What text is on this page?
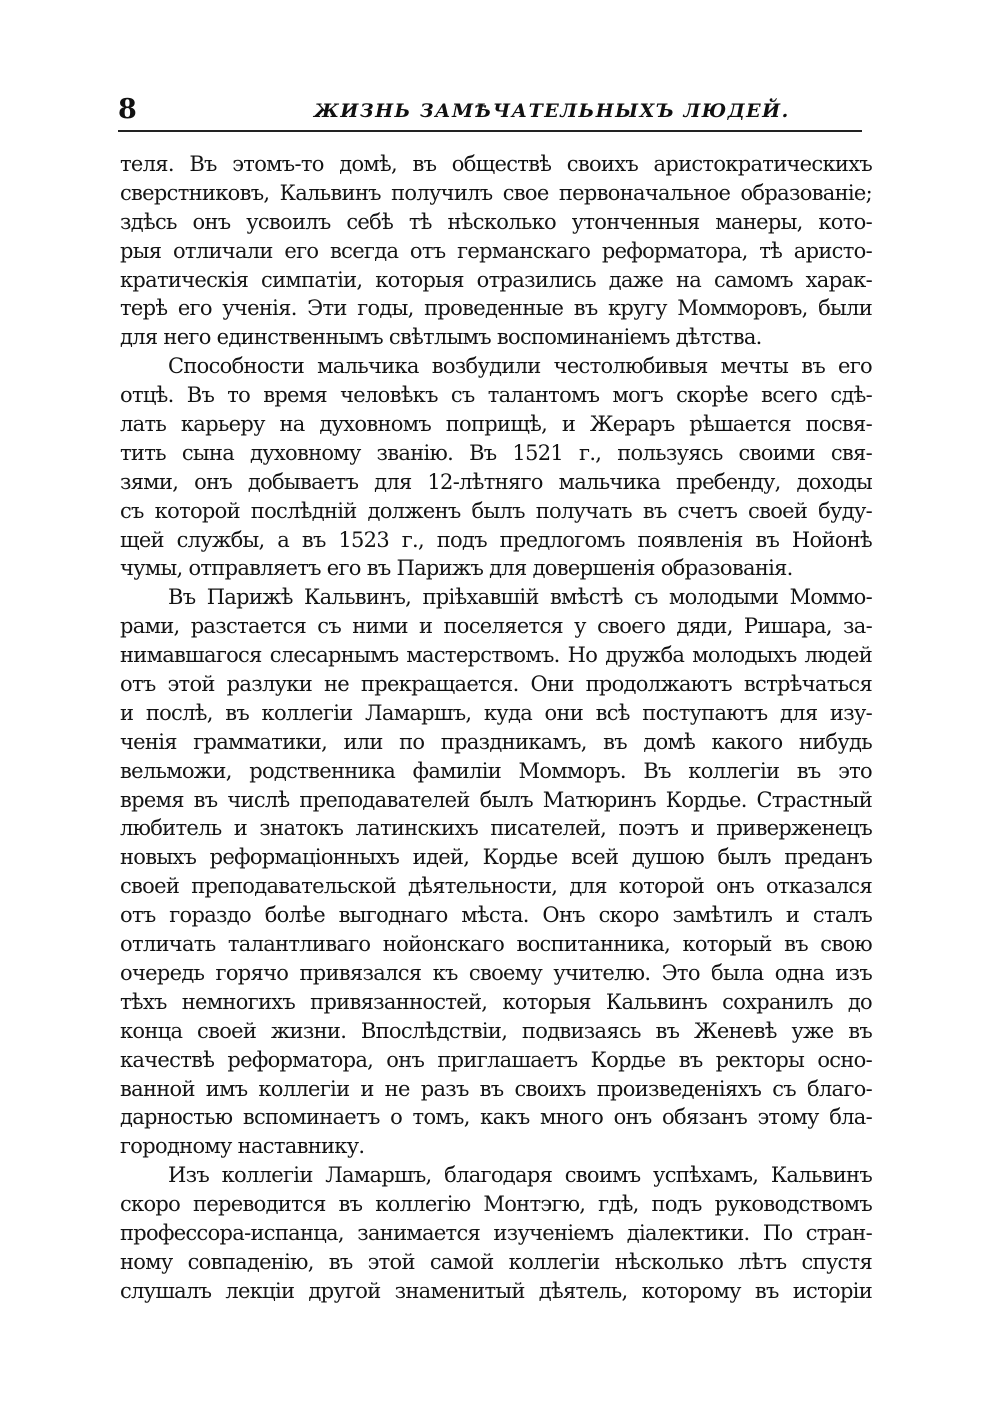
8	ЖИЗНЬ ЗАМѢЧАТЕЛЬНЫХЪ ЛЮДЕЙ.
теля. Въ этомъ-то домѣ, въ обществѣ своихъ аристократическихъ
сверстниковъ, Кальвинъ получилъ свое первоначальное образованіе;
здѣсь онъ усвоилъ себѣ тѣ нѣсколько утонченныя манеры, кото-
рыя отличали его всегда отъ германскаго реформатора, тѣ аристо-
кратическія симпатіи, которыя отразились даже на самомъ харак-
терѣ его ученія. Эти годы, проведенные въ кругу Момморовъ, были
для него единственнымъ свѣтлымъ воспоминаніемъ дѣтства.
Способности мальчика возбудили честолюбивыя мечты въ его
отцѣ. Въ то время человѣкъ съ талантомъ могъ скорѣе всего сдѣ-
лать карьеру на духовномъ поприщѣ, и Жераръ рѣшается посвя-
тить сына духовному званію. Въ 1521 г., пользуясь своими свя-
зями, онъ добываетъ для 12-лѣтняго мальчика пребенду, доходы
съ которой послѣдній долженъ былъ получать въ счетъ своей буду-
щей службы, а въ 1523 г., подъ предлогомъ появленія въ Нойонѣ
чумы, отправляетъ его въ Парижъ для довершенія образованія.
Въ Парижѣ Кальвинъ, пріѣхавшій вмѣстѣ съ молодыми Моммо-
рами, разстается съ ними и поселяется у своего дяди, Ришара, за-
нимавшагося слесарнымъ мастерствомъ. Но дружба молодыхъ людей
отъ этой разлуки не прекращается. Они продолжаютъ встрѣчаться
и послѣ, въ коллегіи Ламаршъ, куда они всѣ поступаютъ для изу-
ченія грамматики, или по праздникамъ, въ домѣ какого нибудь
вельможи, родственника фамиліи Момморъ. Въ коллегіи въ это
время въ числѣ преподавателей былъ Матюринъ Кордье. Страстный
любитель и знатокъ латинскихъ писателей, поэтъ и приверженецъ
новыхъ реформаціонныхъ идей, Кордье всей душою былъ преданъ
своей преподавательской дѣятельности, для которой онъ отказался
отъ гораздо болѣе выгоднаго мѣста. Онъ скоро замѣтилъ и сталъ
отличать талантливаго нойонскаго воспитанника, который въ свою
очередь горячо привязался къ своему учителю. Это была одна изъ
тѣхъ немногихъ привязанностей, которыя Кальвинъ сохранилъ до
конца своей жизни. Впослѣдствіи, подвизаясь въ Женевѣ уже въ
качествѣ реформатора, онъ приглашаетъ Кордье въ ректоры осно-
ванной имъ коллегіи и не разъ въ своихъ произведеніяхъ съ благо-
дарностью вспоминаетъ о томъ, какъ много онъ обязанъ этому бла-
городному наставнику.
Изъ коллегіи Ламаршъ, благодаря своимъ успѣхамъ, Кальвинъ
скоро переводится въ коллегію Монтэгю, гдѣ, подъ руководствомъ
профессора-испанца, занимается изученіемъ діалектики. По стран-
ному совпаденію, въ этой самой коллегіи нѣсколько лѣтъ спустя
слушалъ лекціи другой знаменитый дѣятель, которому въ исторіи
